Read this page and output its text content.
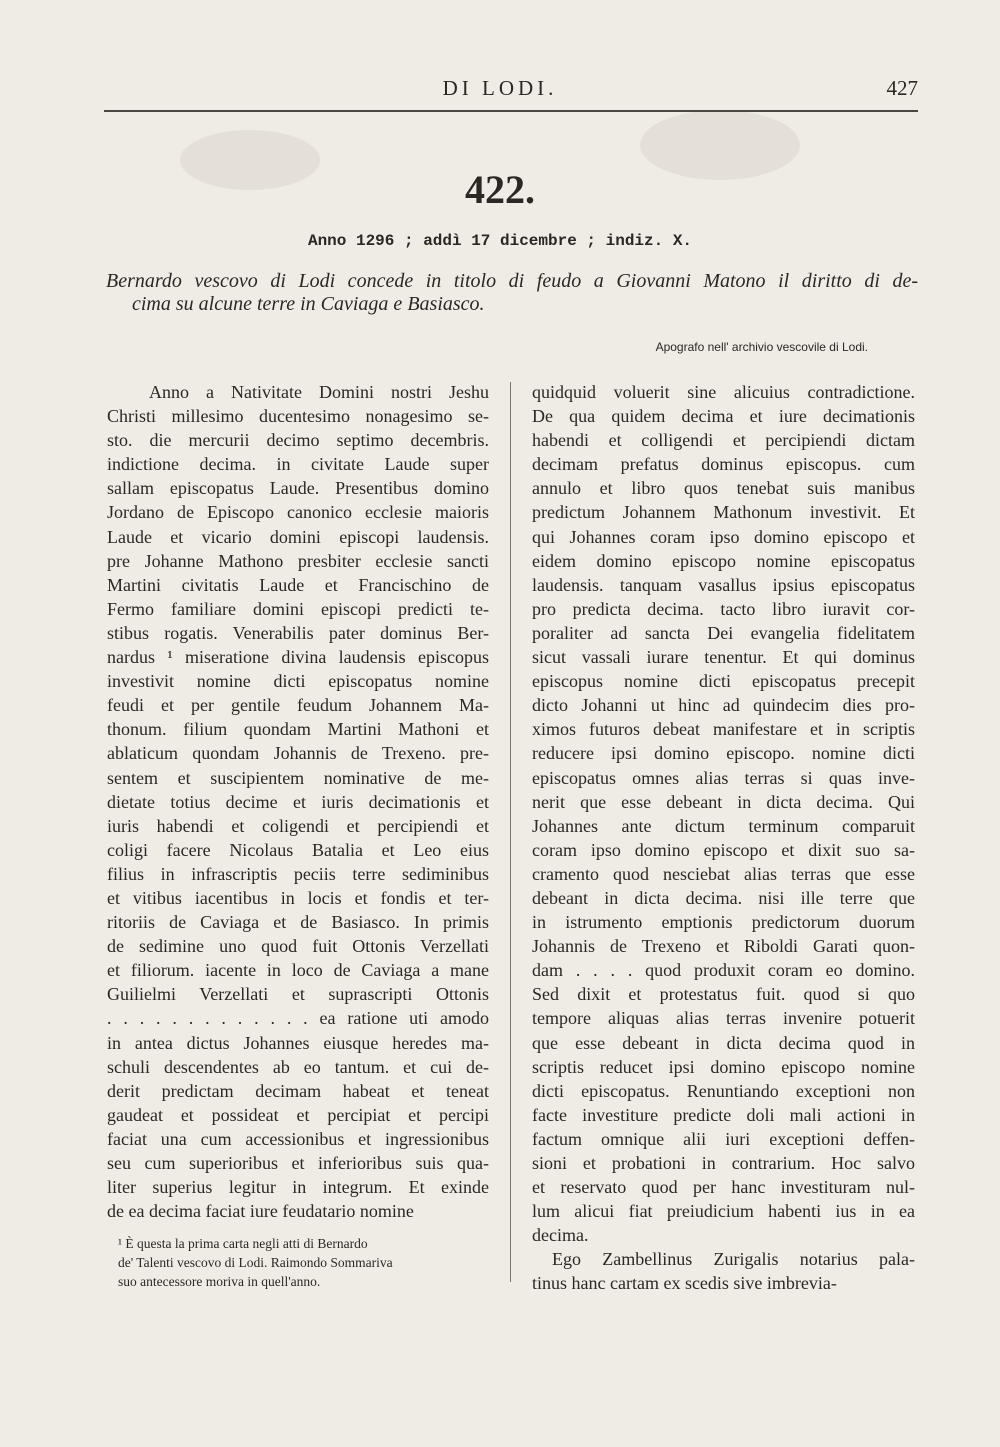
DI LODI.	427
422.
Anno 1296 ; addì 17 dicembre ; indiz. X.
Bernardo vescovo di Lodi concede in titolo di feudo a Giovanni Matono il diritto di de-
cima su alcune terre in Caviaga e Basiasco.
Apografo nell' archivio vescovile di Lodi.
Anno a Nativitate Domini nostri Jeshu
Christi millesimo ducentesimo nonagesimo se-
sto. die mercurii decimo septimo decembris.
indictione decima. in civitate Laude super
sallam episcopatus Laude. Presentibus domino
Jordano de Episcopo canonico ecclesie maioris
Laude et vicario domini episcopi laudensis.
pre Johanne Mathono presbiter ecclesie sancti
Martini civitatis Laude et Francischino de
Fermo familiare domini episcopi predicti te-
stibus rogatis. Venerabilis pater dominus Ber-
nardus ¹ miseratione divina laudensis episcopus
investivit nomine dicti episcopatus nomine
feudi et per gentile feudum Johannem Ma-
thonum. filium quondam Martini Mathoni et
ablaticum quondam Johannis de Trexeno. pre-
sentem et suscipientem nominative de me-
dietate totius decime et iuris decimationis et
iuris habendi et coligendi et percipiendi et
coligi facere Nicolaus Batalia et Leo eius
filius in infrascriptis peciis terre sediminibus
et vitibus iacentibus in locis et fondis et ter-
ritoriis de Caviaga et de Basiasco. In primis
de sedimine uno quod fuit Ottonis Verzellati
et filiorum. iacente in loco de Caviaga a mane
Guilielmi Verzellati et suprascripti Ottonis
. . . . . . . . . . . . . ea ratione uti amodo
in antea dictus Johannes eiusque heredes ma-
schuli descendentes ab eo tantum. et cui de-
derit predictam decimam habeat et teneat
gaudeat et possideat et percipiat et percipi
faciat una cum accessionibus et ingressionibus
seu cum superioribus et inferioribus suis qua-
liter superius legitur in integrum. Et exinde
de ea decima faciat iure feudatario nomine
quidquid voluerit sine alicuius contradictione.
De qua quidem decima et iure decimationis
habendi et colligendi et percipiendi dictam
decimam prefatus dominus episcopus. cum
annulo et libro quos tenebat suis manibus
predictum Johannem Mathonum investivit. Et
qui Johannes coram ipso domino episcopo et
eidem domino episcopo nomine episcopatus
laudensis. tanquam vasallus ipsius episcopatus
pro predicta decima. tacto libro iuravit cor-
poraliter ad sancta Dei evangelia fidelitatem
sicut vassali iurare tenentur. Et qui dominus
episcopus nomine dicti episcopatus precepit
dicto Johanni ut hinc ad quindecim dies pro-
ximos futuros debeat manifestare et in scriptis
reducere ipsi domino episcopo. nomine dicti
episcopatus omnes alias terras si quas inve-
nerit que esse debeant in dicta decima. Qui
Johannes ante dictum terminum comparuit
coram ipso domino episcopo et dixit suo sa-
cramento quod nesciebat alias terras que esse
debeant in dicta decima. nisi ille terre que
in istrumento emptionis predictorum duorum
Johannis de Trexeno et Riboldi Garati quon-
dam . . . . quod produxit coram eo domino.
Sed dixit et protestatus fuit. quod si quo
tempore aliquas alias terras invenire potuerit
que esse debeant in dicta decima quod in
scriptis reducet ipsi domino episcopo nomine
dicti episcopatus. Renuntiando exceptioni non
facte investiture predicte doli mali actioni in
factum omnique alii iuri exceptioni deffen-
sioni et probationi in contrarium. Hoc salvo
et reservato quod per hanc investituram nul-
lum alicui fiat preiudicium habenti ius in ea
decima.
Ego Zambellinus Zurigalis notarius pala-
tinus hanc cartam ex scedis sive imbrevia-
¹ È questa la prima carta negli atti di Bernardo
de' Talenti vescovo di Lodi. Raimondo Sommariva
suo antecessore moriva in quell'anno.
